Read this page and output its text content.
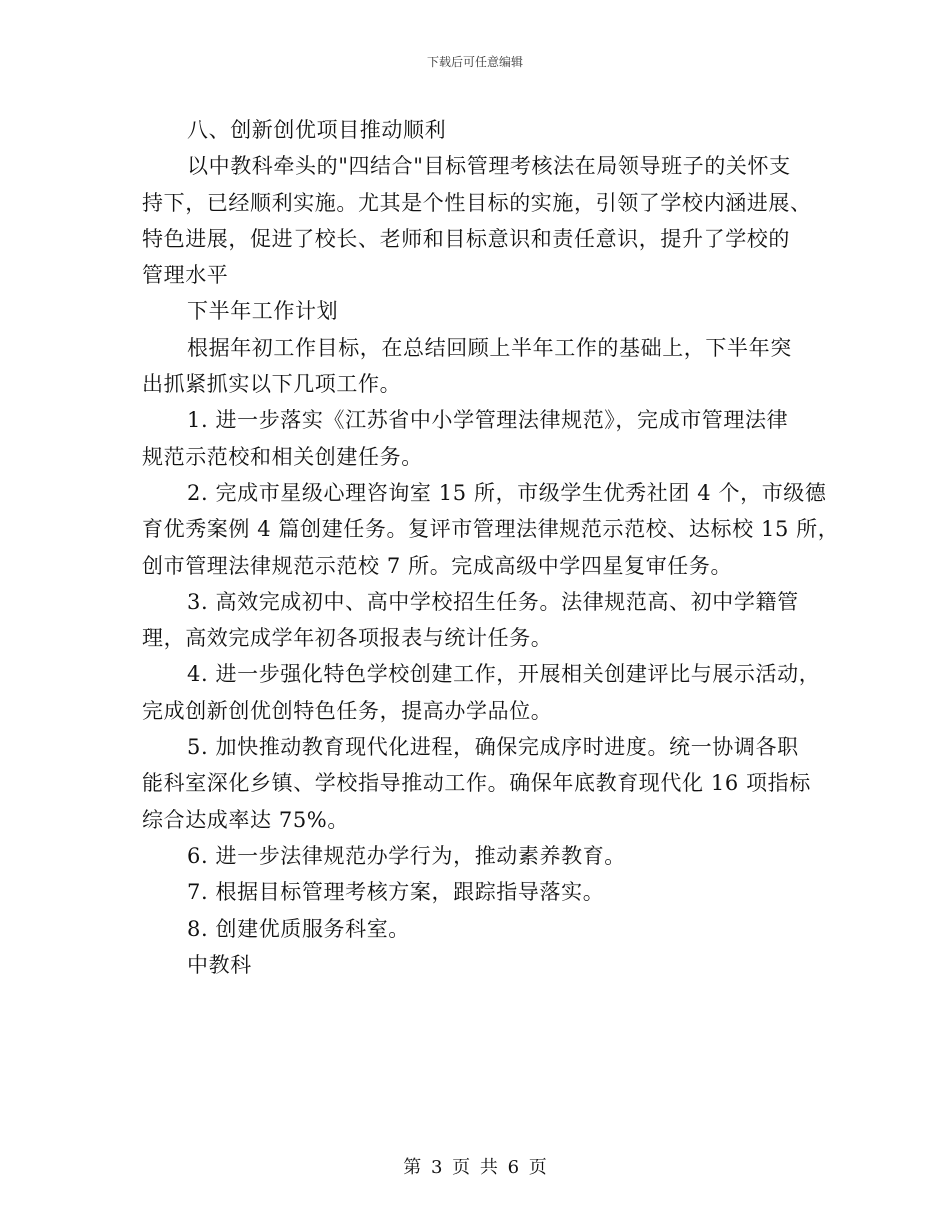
下载后可任意编辑
八、创新创优项目推动顺利
以中教科牵头的"四结合"目标管理考核法在局领导班子的关怀支
持下，已经顺利实施。尤其是个性目标的实施，引领了学校内涵进展、
特色进展，促进了校长、老师和目标意识和责任意识，提升了学校的
管理水平
下半年工作计划
根据年初工作目标，在总结回顾上半年工作的基础上，下半年突
出抓紧抓实以下几项工作。
1. 进一步落实《江苏省中小学管理法律规范》，完成市管理法律
规范示范校和相关创建任务。
2. 完成市星级心理咨询室 15 所，市级学生优秀社团 4 个，市级德
育优秀案例 4 篇创建任务。复评市管理法律规范示范校、达标校 15 所，
创市管理法律规范示范校 7 所。完成高级中学四星复审任务。
3. 高效完成初中、高中学校招生任务。法律规范高、初中学籍管
理，高效完成学年初各项报表与统计任务。
4. 进一步强化特色学校创建工作，开展相关创建评比与展示活动，
完成创新创优创特色任务，提高办学品位。
5. 加快推动教育现代化进程，确保完成序时进度。统一协调各职
能科室深化乡镇、学校指导推动工作。确保年底教育现代化 16 项指标
综合达成率达 75%。
6. 进一步法律规范办学行为，推动素养教育。
7. 根据目标管理考核方案，跟踪指导落实。
8. 创建优质服务科室。
中教科
第 3 页 共 6 页
